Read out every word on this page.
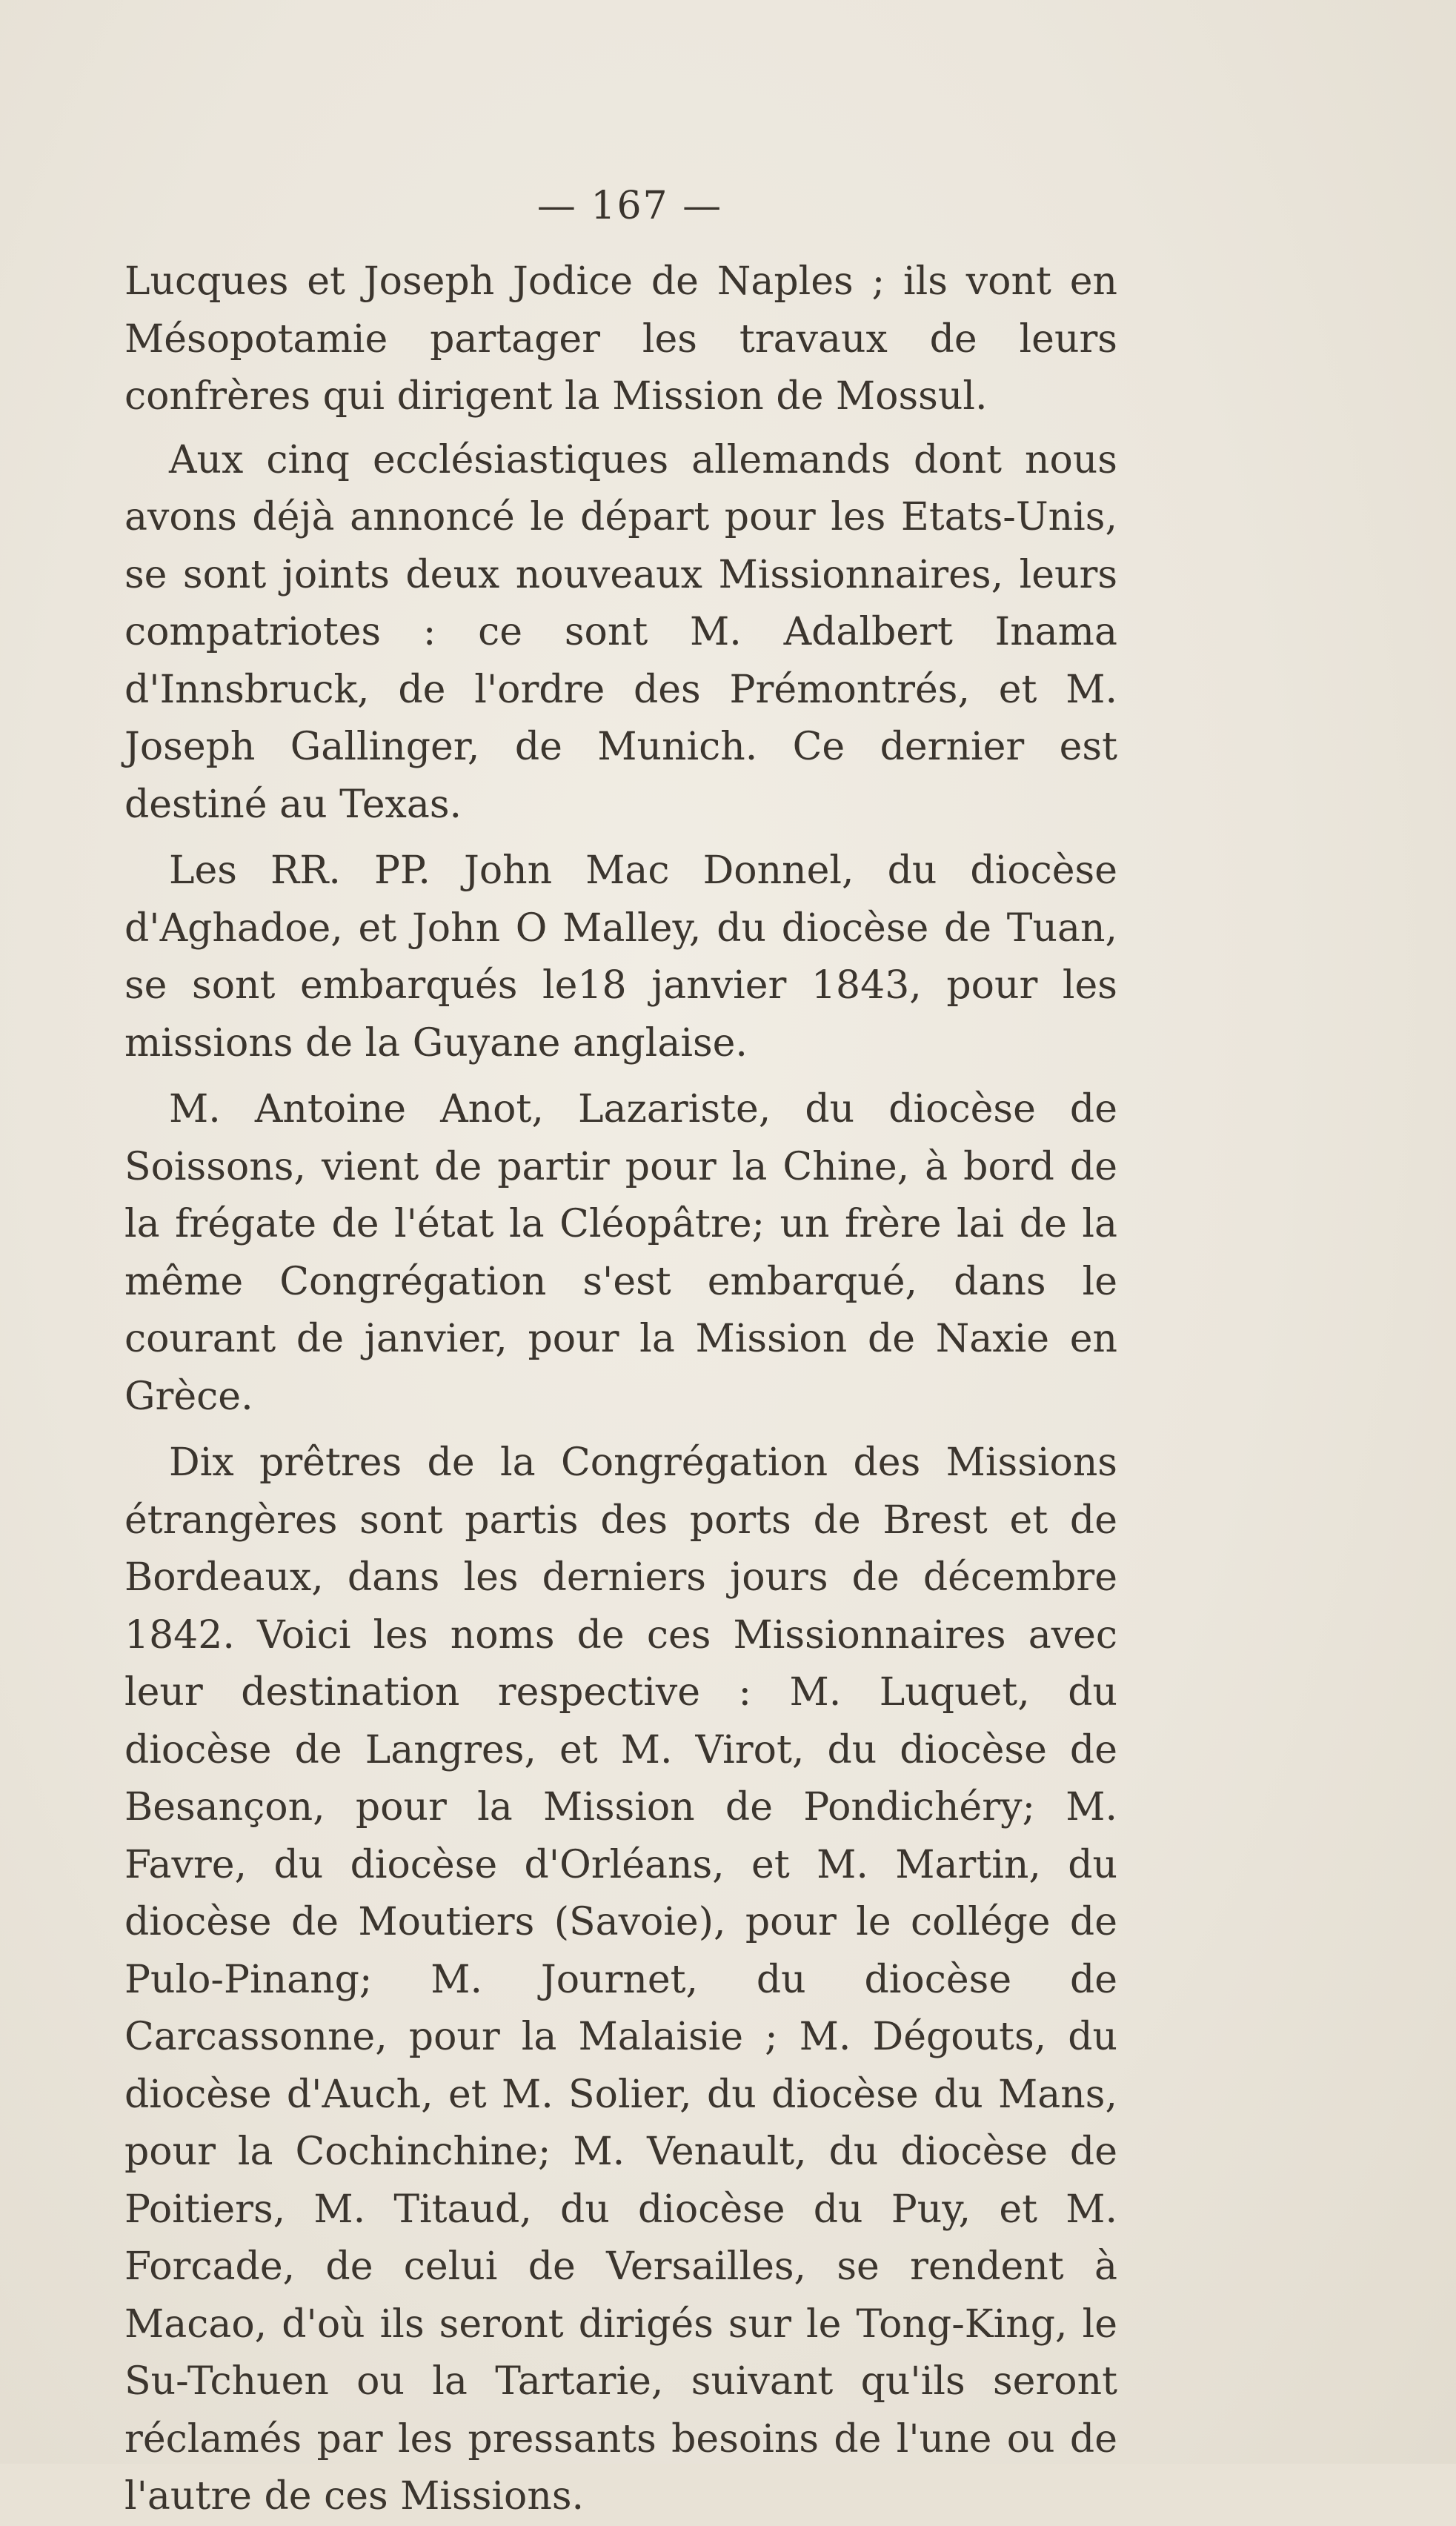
— 167 —

Lucques et Joseph Jodice de Naples ; ils vont en Mésopotamie partager les travaux de leurs confrères qui dirigent la Mission de Mossul.

Aux cinq ecclésiastiques allemands dont nous avons déjà annoncé le départ pour les Etats-Unis, se sont joints deux nouveaux Missionnaires, leurs compatriotes : ce sont M. Adalbert Inama d'Innsbruck, de l'ordre des Prémontrés, et M. Joseph Gallinger, de Munich. Ce dernier est destiné au Texas.

Les RR. PP. John Mac Donnel, du diocèse d'Aghadoe, et John O Malley, du diocèse de Tuan, se sont embarqués le18 janvier 1843, pour les missions de la Guyane anglaise.

M. Antoine Anot, Lazariste, du diocèse de Soissons, vient de partir pour la Chine, à bord de la frégate de l'état la Cléopâtre; un frère lai de la même Congrégation s'est embarqué, dans le courant de janvier, pour la Mission de Naxie en Grèce.

Dix prêtres de la Congrégation des Missions étrangères sont partis des ports de Brest et de Bordeaux, dans les derniers jours de décembre 1842. Voici les noms de ces Missionnaires avec leur destination respective : M. Luquet, du diocèse de Langres, et M. Virot, du diocèse de Besançon, pour la Mission de Pondichéry; M. Favre, du diocèse d'Orléans, et M. Martin, du diocèse de Moutiers (Savoie), pour le collége de Pulo-Pinang; M. Journet, du diocèse de Carcassonne, pour la Malaisie ; M. Dégouts, du diocèse d'Auch, et M. Solier, du diocèse du Mans, pour la Cochinchine; M. Venault, du diocèse de Poitiers, M. Titaud, du diocèse du Puy, et M. Forcade, de celui de Versailles, se rendent à Macao, d'où ils seront dirigés sur le Tong-King, le Su-Tchuen ou la Tartarie, suivant qu'ils seront réclamés par les pressants besoins de l'une ou de l'autre de ces Missions.
